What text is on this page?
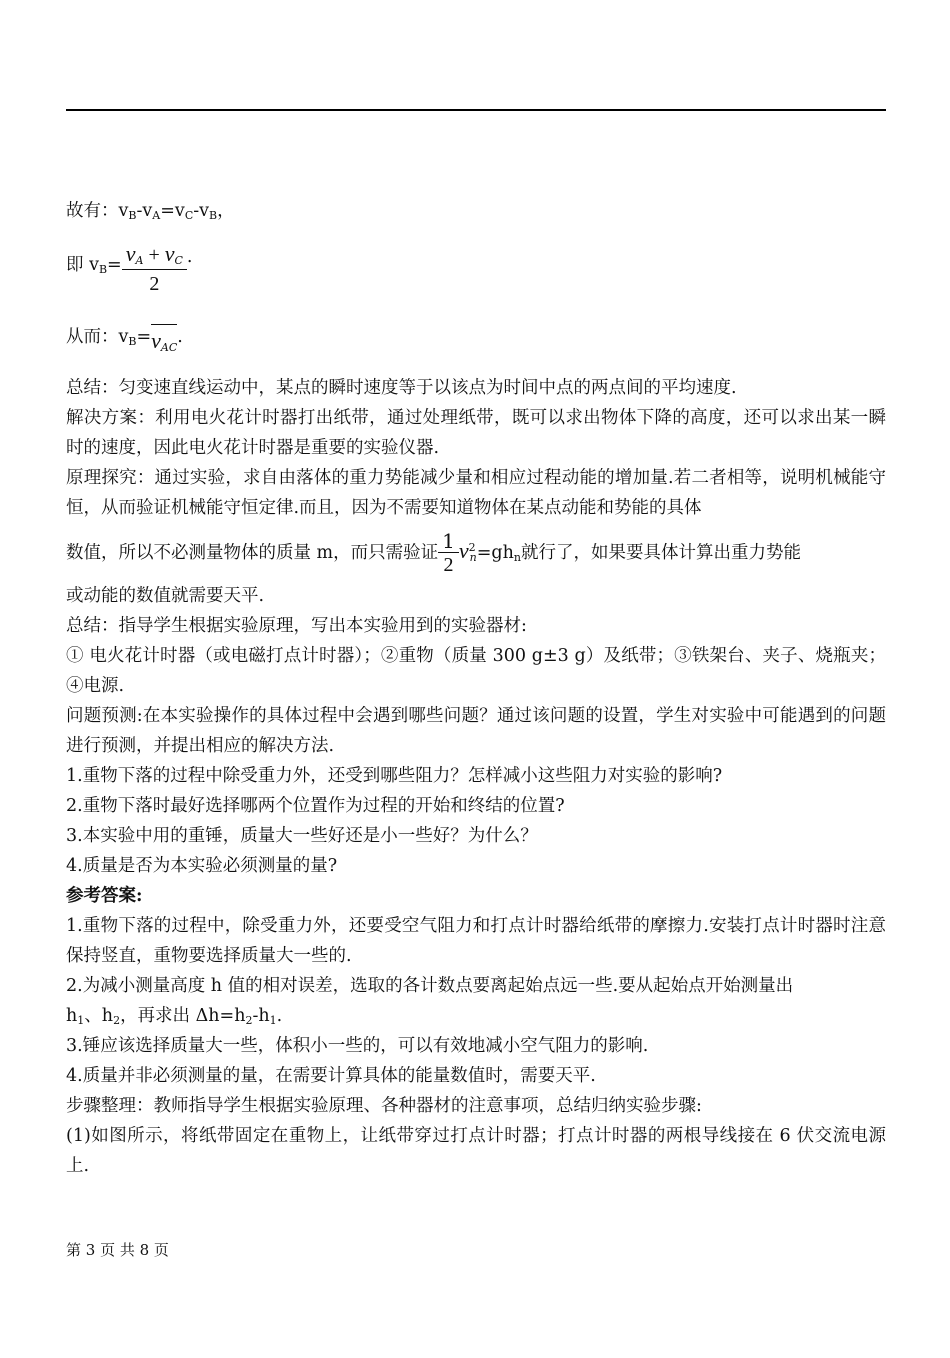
故有：$v_B-v_A=v_C-v_B$，

即 $v_B= \frac{v_A + v_C}{2}$ .

从而：$v_B=v_{AC}$.

总结：匀变速直线运动中，某点的瞬时速度等于以该点为时间中点的两点间的平均速度.

解决方案：利用电火花计时器打出纸带，通过处理纸带，既可以求出物体下降的高度，还可以求出某一瞬时的速度，因此电火花计时器是重要的实验仪器.

原理探究：通过实验，求自由落体的重力势能减少量和相应过程动能的增加量.若二者相等，说明机械能守恒，从而验证机械能守恒定律.而且，因为不需要知道物体在某点动能和势能的具体

数值，所以不必测量物体的质量 m，而只需验证 $\frac{1}{2} v^2_n=gh_n$就行了，如果要具体计算出重力势能

或动能的数值就需要天平.

总结：指导学生根据实验原理，写出本实验用到的实验器材:

① 电火花计时器（或电磁打点计时器）；②重物（质量 300 g±3 g）及纸带；③铁架台、夹子、烧瓶夹；④电源.

问题预测:在本实验操作的具体过程中会遇到哪些问题？通过该问题的设置，学生对实验中可能遇到的问题进行预测，并提出相应的解决方法.

1.重物下落的过程中除受重力外，还受到哪些阻力？怎样减小这些阻力对实验的影响?

2.重物下落时最好选择哪两个位置作为过程的开始和终结的位置?

3.本实验中用的重锤，质量大一些好还是小一些好？为什么？

4.质量是否为本实验必须测量的量?

参考答案:

1.重物下落的过程中，除受重力外，还要受空气阻力和打点计时器给纸带的摩擦力.安装打点计时器时注意保持竖直，重物要选择质量大一些的.

2.为减小测量高度 h 值的相对误差，选取的各计数点要离起始点远一些.要从起始点开始测量出

$h_1$、$h_2$，再求出 $\Delta h=h_2-h_1$.

3.锤应该选择质量大一些，体积小一些的，可以有效地减小空气阻力的影响.

4.质量并非必须测量的量，在需要计算具体的能量数值时，需要天平.

步骤整理：教师指导学生根据实验原理、各种器材的注意事项，总结归纳实验步骤:

(1)如图所示，将纸带固定在重物上，让纸带穿过打点计时器；打点计时器的两根导线接在 6 伏交流电源上.

第 3 页 共 8 页
